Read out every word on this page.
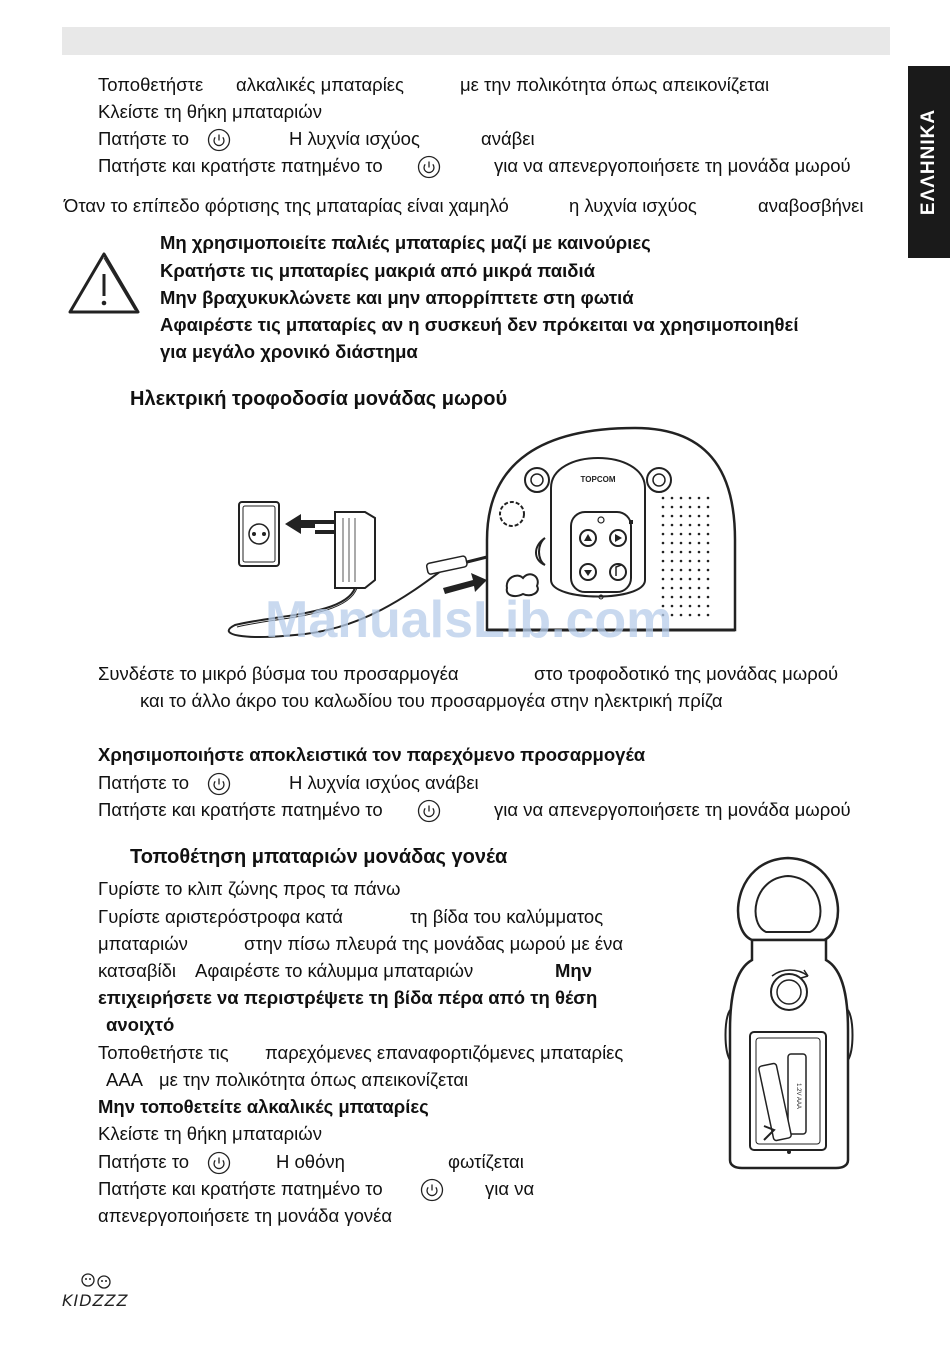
ΕΛΛΗΝΙΚΑ
Τοποθετήστε αλκαλικές μπαταρίες	με την πολικότητα όπως απεικονίζεται
Κλείστε τη θήκη μπαταριών
Πατήστε το	Η λυχνία ισχύος	ανάβει
Πατήστε και κρατήστε πατημένο το	για να απενεργοποιήσετε τη μονάδα μωρού
Όταν το επίπεδο φόρτισης της μπαταρίας είναι χαμηλό	η λυχνία ισχύος	αναβοσβήνει
Μη χρησιμοποιείτε παλιές μπαταρίες μαζί με καινούριες
Κρατήστε τις μπαταρίες μακριά από μικρά παιδιά
Μην βραχυκυκλώνετε και μην απορρίπτετε στη φωτιά
Αφαιρέστε τις μπαταρίες αν η συσκευή δεν πρόκειται να χρησιμοποιηθεί
για μεγάλο χρονικό διάστημα
Ηλεκτρική τροφοδοσία μονάδας μωρού
TOPCOM
ManualsLib.com
Συνδέστε το μικρό βύσμα του προσαρμογέα	στο τροφοδοτικό της μονάδας μωρού
και το άλλο άκρο του καλωδίου του προσαρμογέα στην ηλεκτρική πρίζα
Χρησιμοποιήστε αποκλειστικά τον παρεχόμενο προσαρμογέα
Πατήστε το	Η λυχνία ισχύος ανάβει
Πατήστε και κρατήστε πατημένο το	για να απενεργοποιήσετε τη μονάδα μωρού
Τοποθέτηση μπαταριών μονάδας γονέα
Γυρίστε το κλιπ ζώνης προς τα πάνω
Γυρίστε αριστερόστροφα κατά	τη βίδα του καλύμματος
μπαταριών	στην πίσω πλευρά της μονάδας μωρού με ένα
κατσαβίδι Αφαιρέστε το κάλυμμα μπαταριών	Μην
επιχειρήσετε να περιστρέψετε τη βίδα πέρα από τη θέση
ανοιχτό
Τοποθετήστε τις παρεχόμενες επαναφορτιζόμενες μπαταρίες
AAA με την πολικότητα όπως απεικονίζεται
Μην τοποθετείτε αλκαλικές μπαταρίες
Κλείστε τη θήκη μπαταριών
Πατήστε το	Η οθόνη	φωτίζεται
Πατήστε και κρατήστε πατημένο το	για να
απενεργοποιήσετε τη μονάδα γονέα
1.2V AAA
KIDZZZ
